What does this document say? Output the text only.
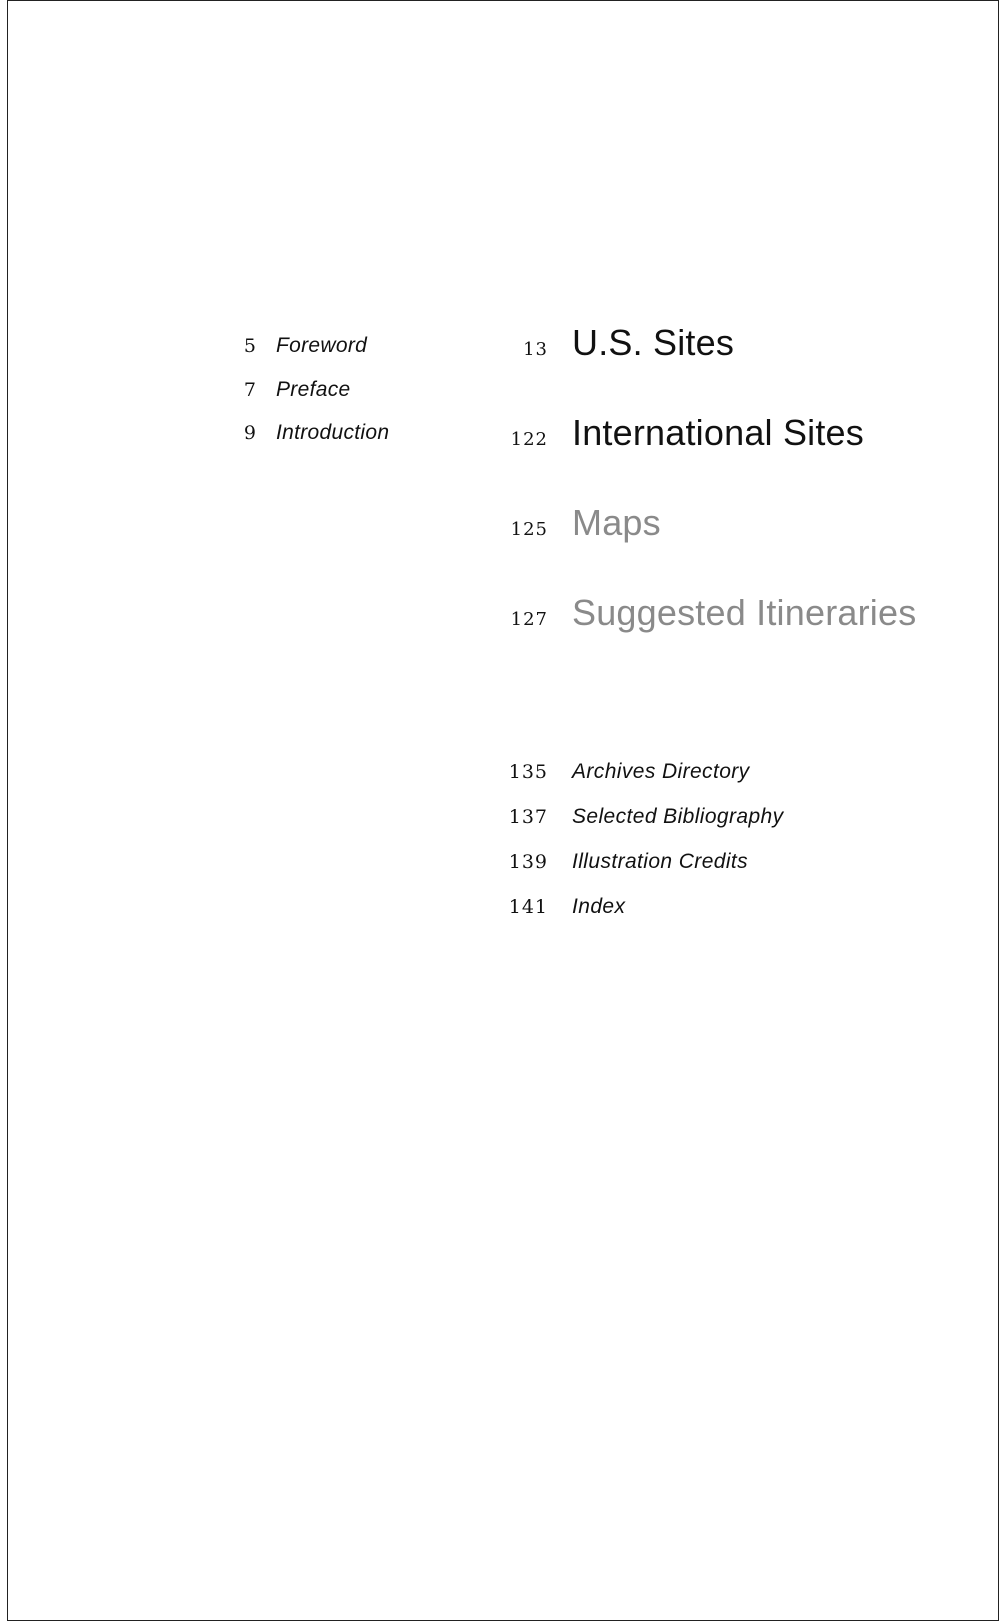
5 Foreword
7 Preface
9 Introduction
13 U.S. Sites
122 International Sites
125 Maps
127 Suggested Itineraries
135 Archives Directory
137 Selected Bibliography
139 Illustration Credits
141 Index
